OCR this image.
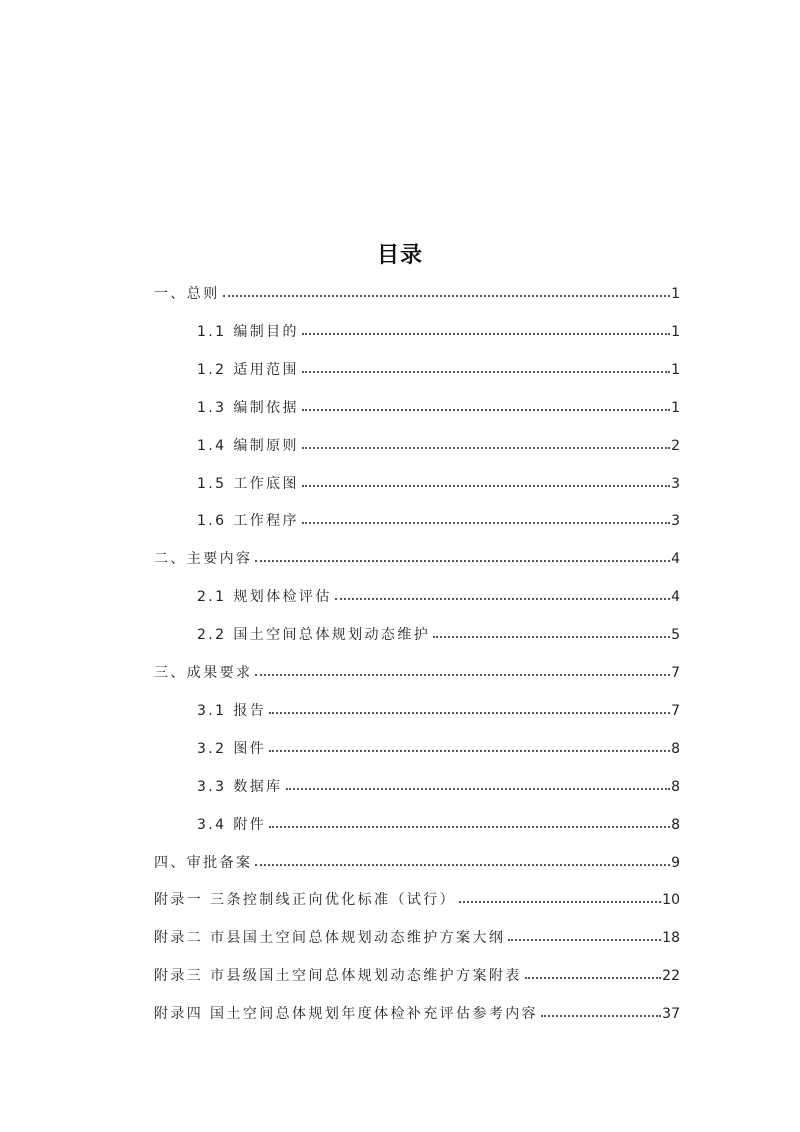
目录
一、总则	1
1.1 编制目的	1
1.2 适用范围	1
1.3 编制依据	1
1.4 编制原则	2
1.5 工作底图	3
1.6 工作程序	3
二、主要内容	4
2.1 规划体检评估	4
2.2 国土空间总体规划动态维护	5
三、成果要求	7
3.1 报告	7
3.2 图件	8
3.3 数据库	8
3.4 附件	8
四、审批备案	9
附录一 三条控制线正向优化标准（试行）	10
附录二 市县国土空间总体规划动态维护方案大纲	18
附录三 市县级国土空间总体规划动态维护方案附表	22
附录四 国土空间总体规划年度体检补充评估参考内容	37
